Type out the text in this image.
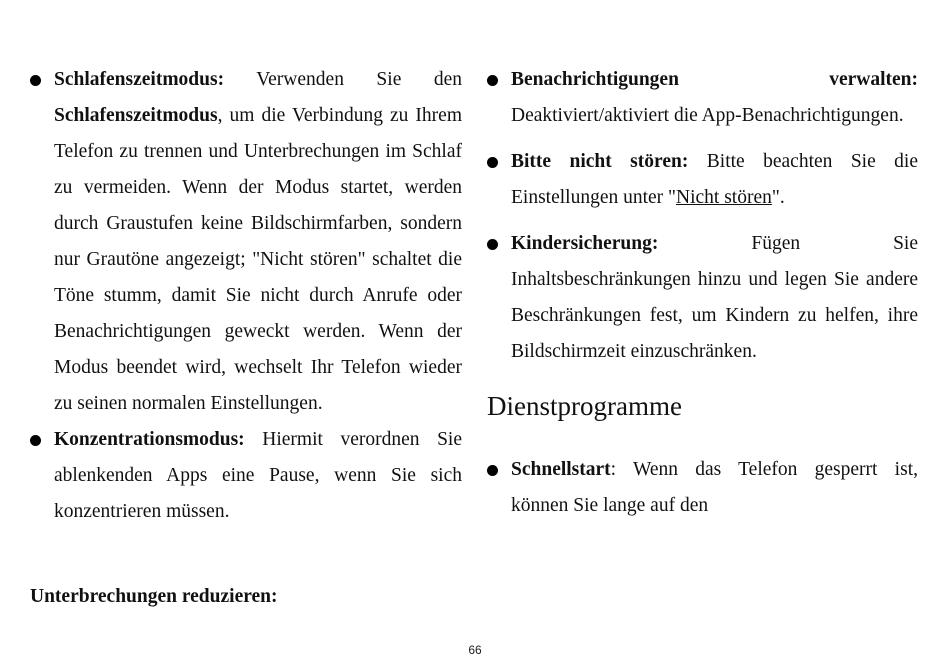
Schlafenszeitmodus: Verwenden Sie den Schlafenszeitmodus, um die Verbindung zu Ihrem Telefon zu trennen und Unterbrechungen im Schlaf zu vermeiden. Wenn der Modus startet, werden durch Graustufen keine Bildschirmfarben, sondern nur Grautöne angezeigt; "Nicht stören" schaltet die Töne stumm, damit Sie nicht durch Anrufe oder Benachrichtigungen geweckt werden. Wenn der Modus beendet wird, wechselt Ihr Telefon wieder zu seinen normalen Einstellungen.
Konzentrationsmodus: Hiermit verordnen Sie ablenkenden Apps eine Pause, wenn Sie sich konzentrieren müssen.
Unterbrechungen reduzieren:
Benachrichtigungen verwalten: Deaktiviert/aktiviert die App-Benachrichtigungen.
Bitte nicht stören: Bitte beachten Sie die Einstellungen unter "Nicht stören".
Kindersicherung:	Fügen Sie Inhaltsbeschränkungen hinzu und legen Sie andere Beschränkungen fest, um Kindern zu helfen, ihre Bildschirmzeit einzuschränken.
Dienstprogramme
Schnellstart: Wenn das Telefon gesperrt ist, können Sie lange auf den
66
